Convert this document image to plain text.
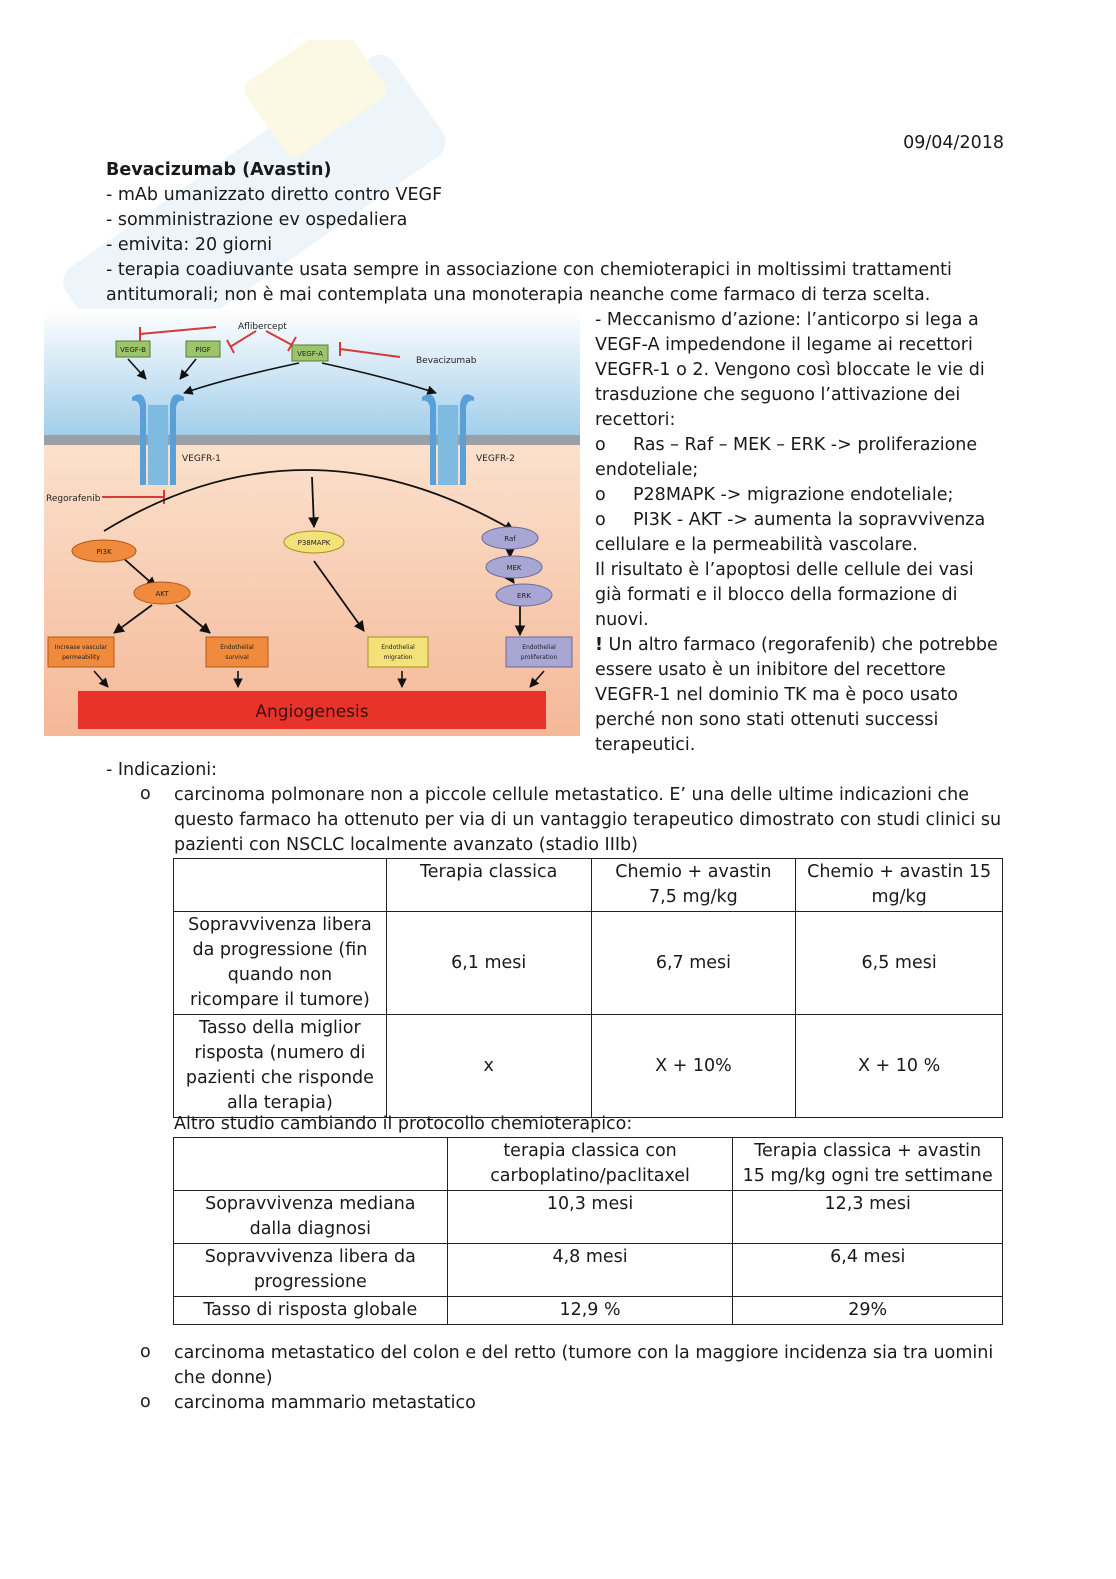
09/04/2018

Bevacizumab (Avastin)

- mAb umanizzato diretto contro VEGF

- somministrazione ev ospedaliera

- emivita: 20 giorni

- terapia coadiuvante usata sempre in associazione con chemioterapici in moltissimi trattamenti antitumorali; non è mai contemplata una monoterapia neanche come farmaco di terza scelta.

Aflibercept
Bevacizumab
Regorafenib
VEGF-B	PlGF	VEGF-A
VEGFR-1	VEGFR-2
PI3K
AKT
P38MAPK	Raf
MEK
ERK
Increase vascular
permeability
Endothelial
survival
Endothelial
migration
Endothelial
proliferation
Angiogenesis
- Meccanismo d’azione: l’anticorpo si lega a VEGF-A impedendone il legame ai recettori VEGFR-1 o 2. Vengono così bloccate le vie di trasduzione che seguono l’attivazione dei recettori:
o Ras – Raf – MEK – ERK -> proliferazione endoteliale;
o P28MAPK -> migrazione endoteliale;
o PI3K - AKT -> aumenta la sopravvivenza cellulare e la permeabilità vascolare.
Il risultato è l’apoptosi delle cellule dei vasi già formati e il blocco della formazione di nuovi.
! Un altro farmaco (regorafenib) che potrebbe essere usato è un inibitore del recettore VEGFR-1 nel dominio TK ma è poco usato perché non sono stati ottenuti successi terapeutici.

- Indicazioni:

o carcinoma polmonare non a piccole cellule metastatico. E’ una delle ultime indicazioni che questo farmaco ha ottenuto per via di un vantaggio terapeutico dimostrato con studi clinici su pazienti con NSCLC localmente avanzato (stadio IIIb)

	Terapia classica	Chemio + avastin 7,5 mg/kg	Chemio + avastin 15 mg/kg
Sopravvivenza libera da progressione (fin quando non ricompare il tumore)	6,1 mesi	6,7 mesi	6,5 mesi
Tasso della miglior risposta (numero di pazienti che risponde alla terapia)	x	X + 10%	X + 10 %

Altro studio cambiando il protocollo chemioterapico:

	terapia classica con carboplatino/paclitaxel	Terapia classica + avastin 15 mg/kg ogni tre settimane
Sopravvivenza mediana dalla diagnosi	10,3 mesi	12,3 mesi
Sopravvivenza libera da progressione	4,8 mesi	6,4 mesi
Tasso di risposta globale	12,9 %	29%
o carcinoma metastatico del colon e del retto (tumore con la maggiore incidenza sia tra uomini che donne)

o carcinoma mammario metastatico
